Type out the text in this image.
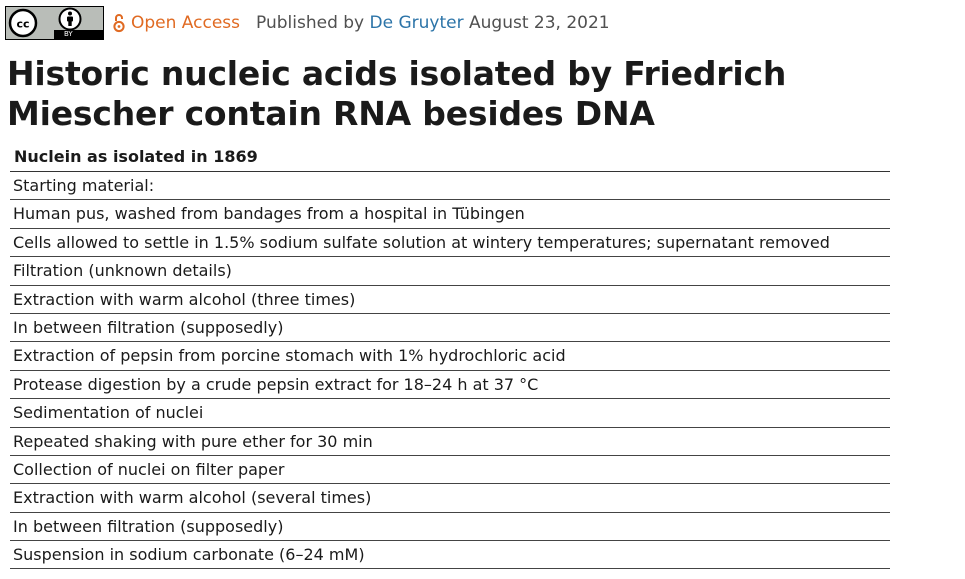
cc
BY
Open Access Published by De Gruyter August 23, 2021
Historic nucleic acids isolated by Friedrich Miescher contain RNA besides DNA
Nuclein as isolated in 1869
Starting material:
Human pus, washed from bandages from a hospital in Tübingen
Cells allowed to settle in 1.5% sodium sulfate solution at wintery temperatures; supernatant removed
Filtration (unknown details)
Extraction with warm alcohol (three times)
In between filtration (supposedly)
Extraction of pepsin from porcine stomach with 1% hydrochloric acid
Protease digestion by a crude pepsin extract for 18–24 h at 37 °C
Sedimentation of nuclei
Repeated shaking with pure ether for 30 min
Collection of nuclei on filter paper
Extraction with warm alcohol (several times)
In between filtration (supposedly)
Suspension in sodium carbonate (6–24 mM)
